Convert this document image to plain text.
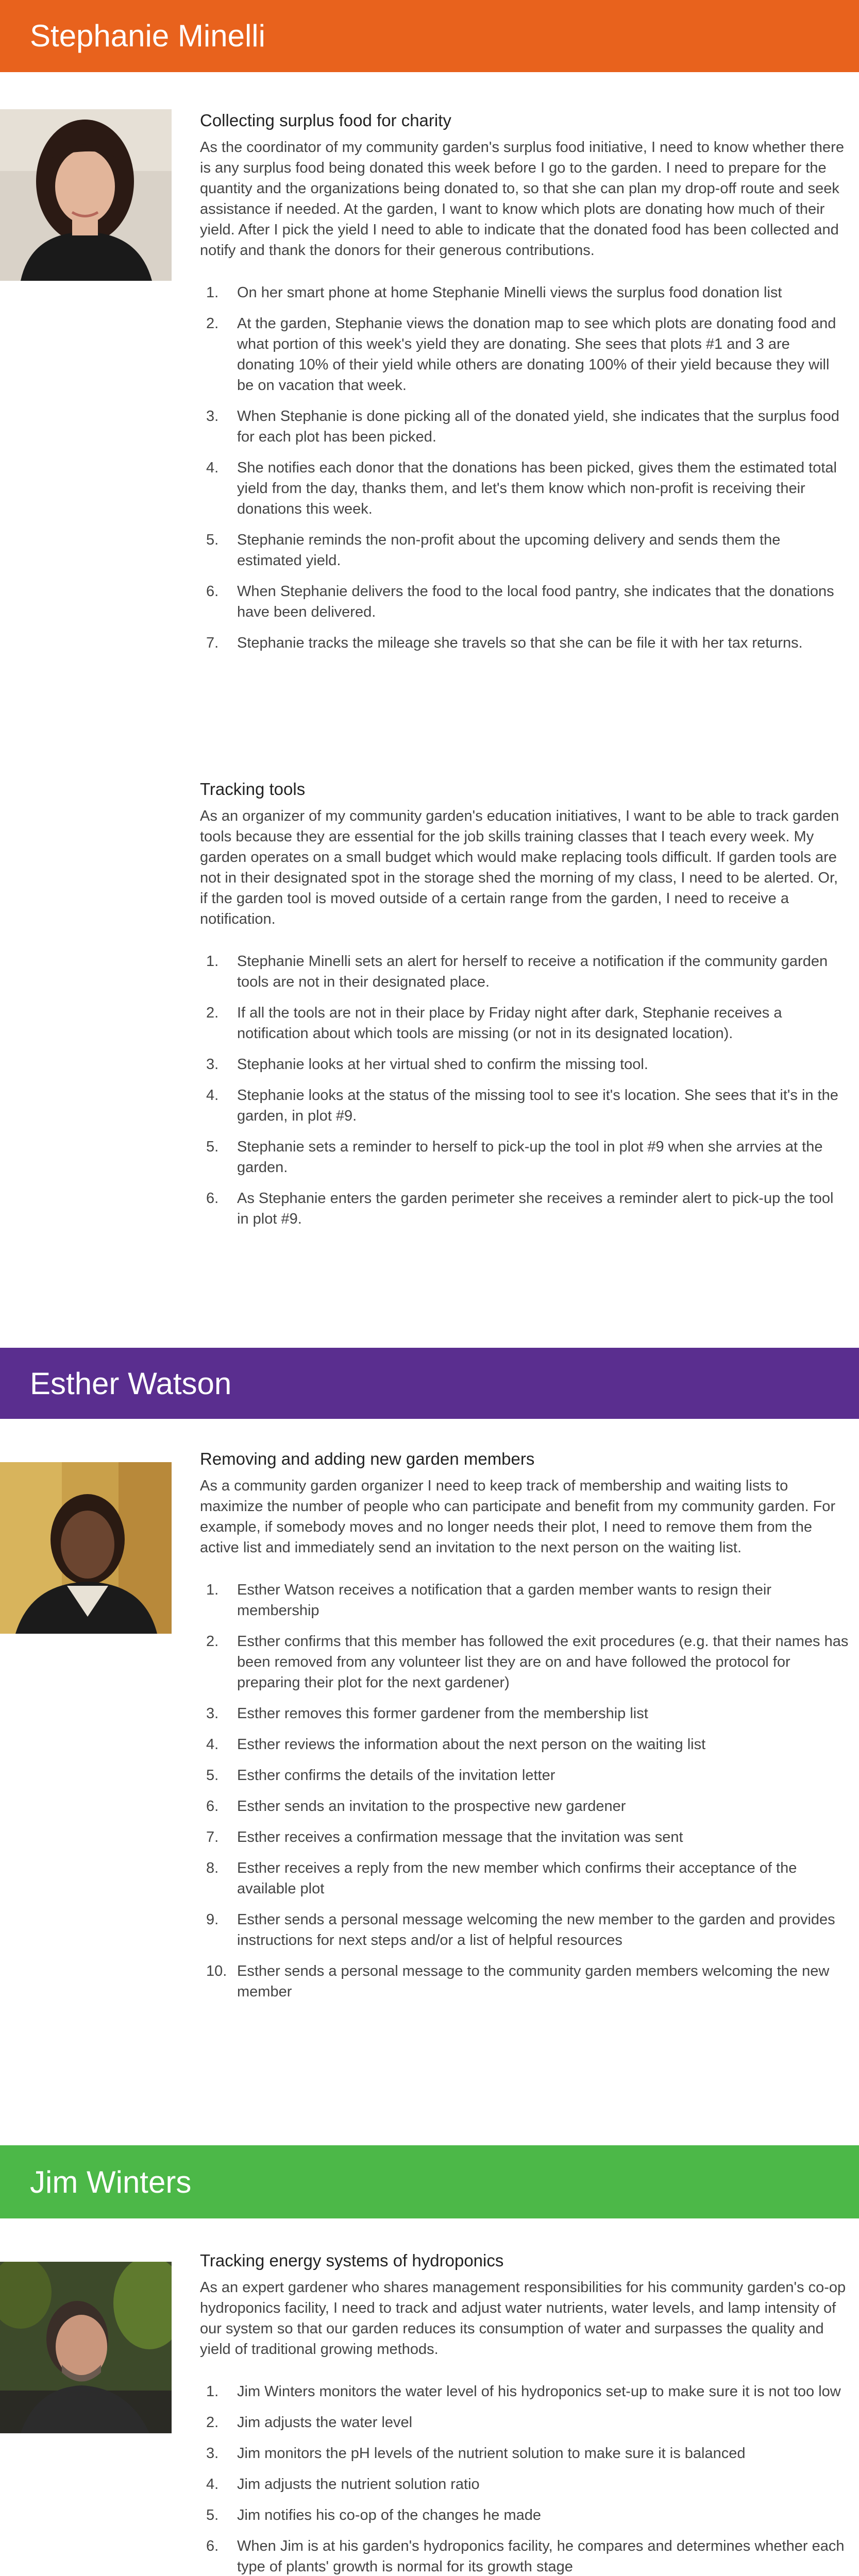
Stephanie Minelli
Collecting surplus food for charity

As the coordinator of my community garden's surplus food initiative, I need to know whether there is any surplus food being donated this week before I go to the garden. I need to prepare for the quantity and the organizations being donated to, so that she can plan my drop-off route and seek assistance if needed. At the garden, I want to know which plots are donating how much of their yield. After I pick the yield I need to able to indicate that the donated food has been collected and notify and thank the donors for their generous contributions.

1. On her smart phone at home Stephanie Minelli views the surplus food donation list
2. At the garden, Stephanie views the donation map to see which plots are donating food and what portion of this week's yield they are donating. She sees that plots #1 and 3 are donating 10% of their yield while others are donating 100% of their yield because they will be on vacation that week.
3. When Stephanie is done picking all of the donated yield, she indicates that the surplus food for each plot has been picked.
4. She notifies each donor that the donations has been picked, gives them the estimated total yield from the day, thanks them, and let's them know which non-profit is receiving their donations this week.
5. Stephanie reminds the non-profit about the upcoming delivery and sends them the estimated yield.
6. When Stephanie delivers the food to the local food pantry, she indicates that the donations have been delivered.
7. Stephanie tracks the mileage she travels so that she can be file it with her tax returns.
Tracking tools

As an organizer of my community garden's education initiatives, I want to be able to track garden tools because they are essential for the job skills training classes that I teach every week. My garden operates on a small budget which would make replacing tools difficult. If garden tools are not in their designated spot in the storage shed the morning of my class, I need to be alerted. Or, if the garden tool is moved outside of a certain range from the garden, I need to receive a notification.

1. Stephanie Minelli sets an alert for herself to receive a notification if the community garden tools are not in their designated place.
2. If all the tools are not in their place by Friday night after dark, Stephanie receives a notification about which tools are missing (or not in its designated location).
3. Stephanie looks at her virtual shed to confirm the missing tool.
4. Stephanie looks at the status of the missing tool to see it's location. She sees that it's in the garden, in plot #9.
5. Stephanie sets a reminder to herself to pick-up the tool in plot #9 when she arrvies at the garden.
6. As Stephanie enters the garden perimeter she receives a reminder alert to pick-up the tool in plot #9.
Esther Watson
Removing and adding new garden members

As a community garden organizer I need to keep track of membership and waiting lists to maximize the number of people who can participate and benefit from my community garden. For example, if somebody moves and no longer needs their plot, I need to remove them from the active list and immediately send an invitation to the next person on the waiting list.

1. Esther Watson receives a notification that a garden member wants to resign their membership
2. Esther confirms that this member has followed the exit procedures (e.g. that their names has been removed from any volunteer list they are on and have followed the protocol for preparing their plot for the next gardener)
3. Esther removes this former gardener from the membership list
4. Esther reviews the information about the next person on the waiting list
5. Esther confirms the details of the invitation letter
6. Esther sends an invitation to the prospective new gardener
7. Esther receives a confirmation message that the invitation was sent
8. Esther receives a reply from the new member which confirms their acceptance of the available plot
9. Esther sends a personal message welcoming the new member to the garden and provides instructions for next steps and/or a list of helpful resources
10. Esther sends a personal message to the community garden members welcoming the new member
Jim Winters
Tracking energy systems of hydroponics

As an expert gardener who shares management responsibilities for his community garden's co-op hydroponics facility, I need to track and adjust water nutrients, water levels, and lamp intensity of our system so that our garden reduces its consumption of water and surpasses the quality and yield of traditional growing methods.

1. Jim Winters monitors the water level of his hydroponics set-up to make sure it is not too low
2. Jim adjusts the water level
3. Jim monitors the pH levels of the nutrient solution to make sure it is balanced
4. Jim adjusts the nutrient solution ratio
5. Jim notifies his co-op of the changes he made
6. When Jim is at his garden's hydroponics facility, he compares and determines whether each type of plants' growth is normal for its growth stage
